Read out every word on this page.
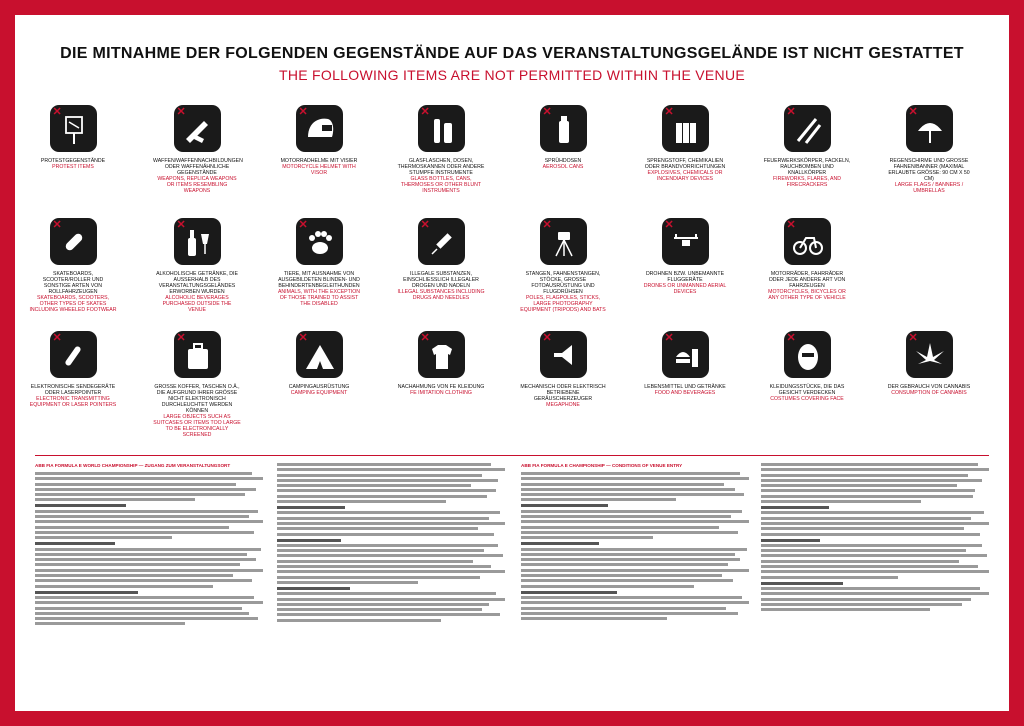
DIE MITNAHME DER FOLGENDEN GEGENSTÄNDE AUF DAS VERANSTALTUNGSGELÄNDE IST NICHT GESTATTET
THE FOLLOWING ITEMS ARE NOT PERMITTED WITHIN THE VENUE
✕
PROTESTGEGENSTÄNDE
PROTEST ITEMS
✕
WAFFEN/WAFFENNACHBILDUNGEN ODER WAFFENÄHNLICHE GEGENSTÄNDE
WEAPONS, REPLICA WEAPONS OR ITEMS RESEMBLING WEAPONS
✕
MOTORRADHELME MIT VISIER
MOTORCYCLE HELMET WITH VISOR
✕
GLASFLASCHEN, DOSEN, THERMOSKANNEN ODER ANDERE STUMPFE INSTRUMENTE
GLASS BOTTLES, CANS, THERMOSES OR OTHER BLUNT INSTRUMENTS
✕
SPRÜHDOSEN
AEROSOL CANS
✕
SPRENGSTOFF, CHEMIKALIEN ODER BRANDVORRICHTUNGEN
EXPLOSIVES, CHEMICALS OR INCENDIARY DEVICES
✕
FEUERWERKSKÖRPER, FACKELN, RAUCHBOMBEN UND KNALLKÖRPER
FIREWORKS, FLARES, AND FIRECRACKERS
✕
REGENSCHIRME UND GROSSE FAHNEN/BANNER (MAXIMAL ERLAUBTE GRÖSSE: 90 CM X 50 CM)
LARGE FLAGS / BANNERS / UMBRELLAS
✕
SKATEBOARDS, SCOOTER/ROLLER UND SONSTIGE ARTEN VON ROLLFAHRZEUGEN
SKATEBOARDS, SCOOTERS, OTHER TYPES OF SKATES INCLUDING WHEELED FOOTWEAR
✕
ALKOHOLISCHE GETRÄNKE, DIE AUSSERHALB DES VERANSTALTUNGSGELÄNDES ERWORBEN WURDEN
ALCOHOLIC BEVERAGES PURCHASED OUTSIDE THE VENUE
✕
TIERE, MIT AUSNAHME VON AUSGEBILDETEN BLINDEN- UND BEHINDERTENBEGLEITHUNDEN
ANIMALS, WITH THE EXCEPTION OF THOSE TRAINED TO ASSIST THE DISABLED
✕
ILLEGALE SUBSTANZEN, EINSCHLIESSLICH ILLEGALER DROGEN UND NADELN
ILLEGAL SUBSTANCES INCLUDING DRUGS AND NEEDLES
✕
STANGEN, FAHNENSTANGEN, STÖCKE, GROSSE FOTOAUSRÜSTUNG UND FLUGDRÜHSEN
POLES, FLAGPOLES, STICKS, LARGE PHOTOGRAPHY EQUIPMENT (TRIPODS) AND BATS
✕
DROHNEN BZW. UNBEMANNTE FLUGGERÄTE
DRONES OR UNMANNED AERIAL DEVICES
✕
MOTORRÄDER, FAHRRÄDER ODER JEDE ANDERE ART VON FAHRZEUGEN
MOTORCYCLES, BICYCLES OR ANY OTHER TYPE OF VEHICLE
✕
ELEKTRONISCHE SENDEGERÄTE ODER LASERPOINTER
ELECTRONIC TRANSMITTING EQUIPMENT OR LASER POINTERS
✕
GROSSE KOFFER, TASCHEN O.Ä., DIE AUFGRUND IHRER GRÖSSE NICHT ELEKTRONISCH DURCHLEUCHTET WERDEN KÖNNEN
LARGE OBJECTS SUCH AS SUITCASES OR ITEMS TOO LARGE TO BE ELECTRONICALLY SCREENED
✕
CAMPINGAUSRÜSTUNG
CAMPING EQUIPMENT
✕
NACHAHMUNG VON FE KLEIDUNG
FE IMITATION CLOTHING
✕
MECHANISCH ODER ELEKTRISCH BETRIEBENE GERÄUSCHERZEUGER
MEGAPHONE
✕
LEBENSMITTEL UND GETRÄNKE
FOOD AND BEVERAGES
✕
KLEIDUNGSSTÜCKE, DIE DAS GESICHT VERDECKEN
COSTUMES COVERING FACE
✕
DER GEBRAUCH VON CANNABIS
CONSUMPTION OF CANNABIS
ABB FIA FORMULA E WORLD CHAMPIONSHIP — ZUGANG ZUM VERANSTALTUNGSORT	ABB FIA FORMULA E CHAMPIONSHIP — CONDITIONS OF VENUE ENTRY
